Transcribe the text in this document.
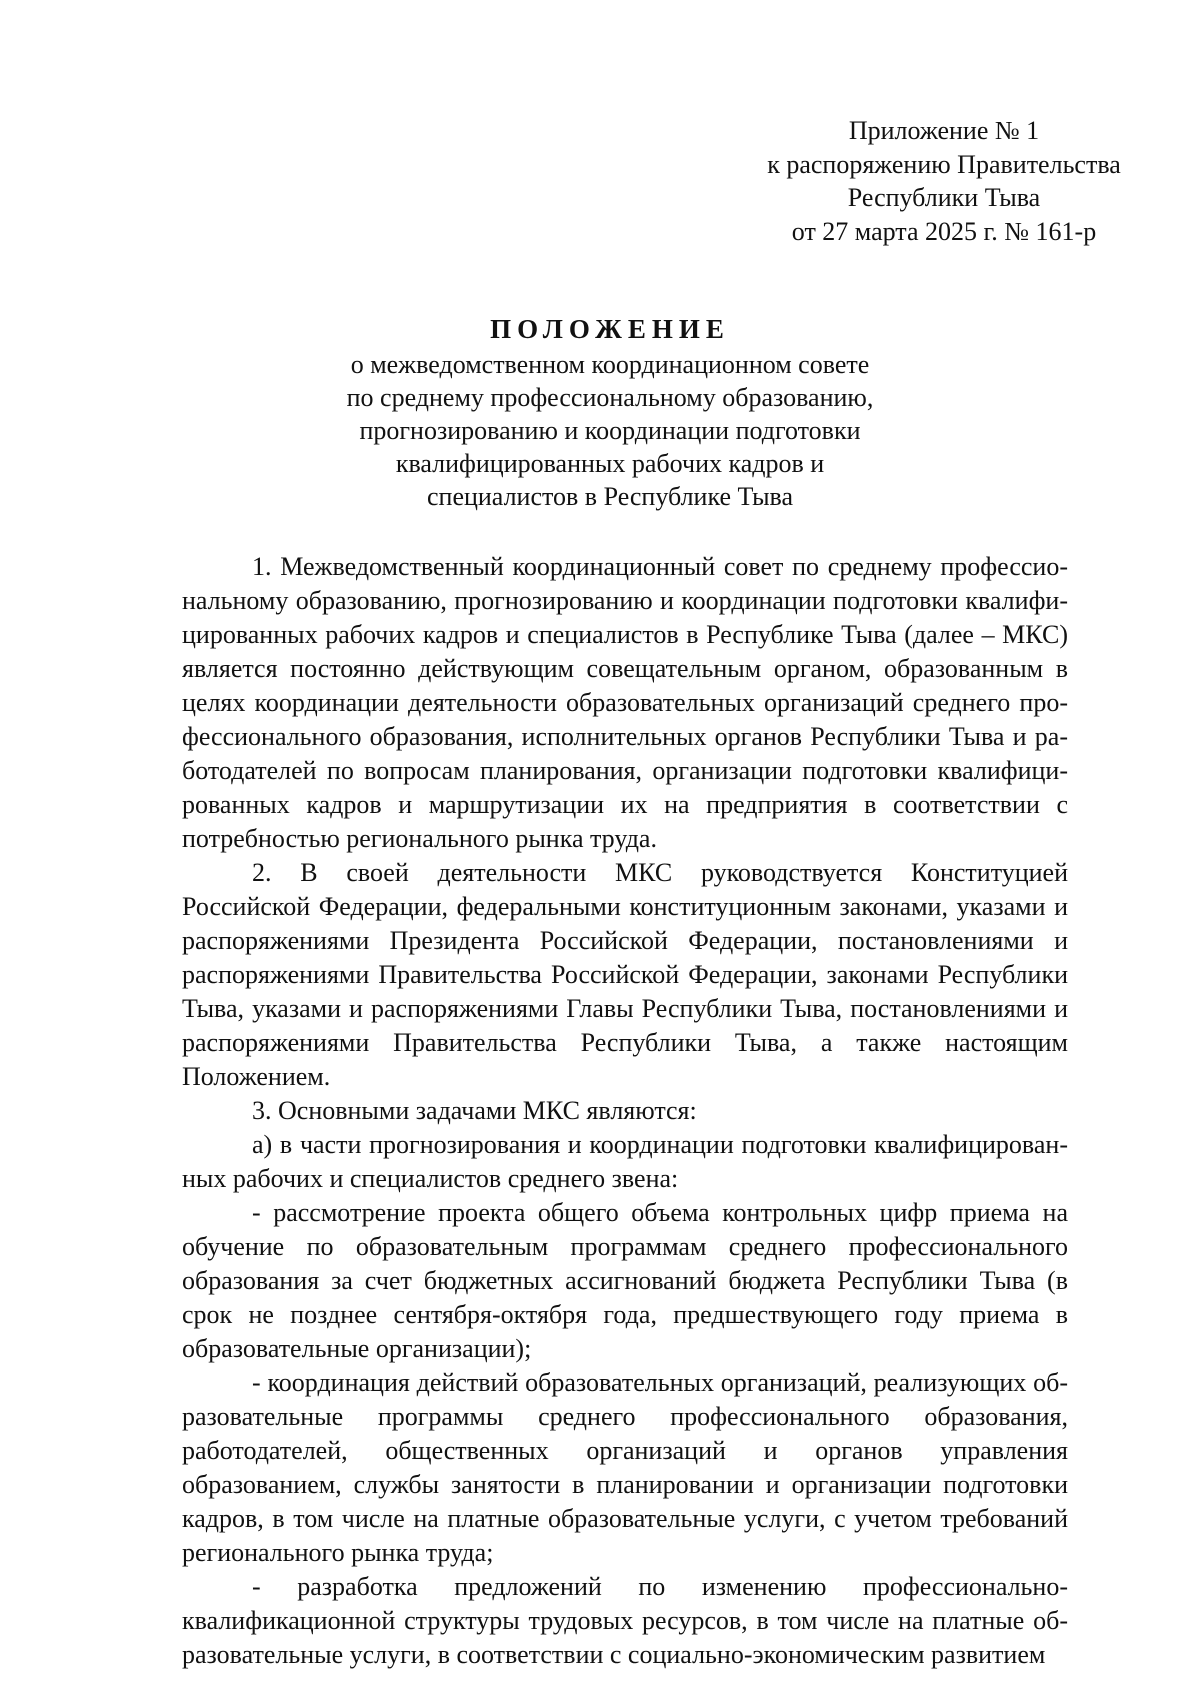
Приложение № 1
к распоряжению Правительства
Республики Тыва
от 27 марта 2025 г. № 161-р
ПОЛОЖЕНИЕ
о межведомственном координационном совете
по среднему профессиональному образованию,
прогнозированию и координации подготовки
квалифицированных рабочих кадров и
специалистов в Республике Тыва

1. Межведомственный координационный совет по среднему профессиональному образованию, прогнозированию и координации подготовки квалифицированных рабочих кадров и специалистов в Республике Тыва (далее – МКС) является постоянно действующим совещательным органом, образованным в целях координации деятельности образовательных организаций среднего профессионального образования, исполнительных органов Республики Тыва и работодателей по вопросам планирования, организации подготовки квалифицированных кадров и маршрутизации их на предприятия в соответствии с потребностью регионального рынка труда.

2. В своей деятельности МКС руководствуется Конституцией Российской Федерации, федеральными конституционным законами, указами и распоряжениями Президента Российской Федерации, постановлениями и распоряжениями Правительства Российской Федерации, законами Республики Тыва, указами и распоряжениями Главы Республики Тыва, постановлениями и распоряжениями Правительства Республики Тыва, а также настоящим Положением.

3. Основными задачами МКС являются:

а) в части прогнозирования и координации подготовки квалифицированных рабочих и специалистов среднего звена:

- рассмотрение проекта общего объема контрольных цифр приема на обучение по образовательным программам среднего профессионального образования за счет бюджетных ассигнований бюджета Республики Тыва (в срок не позднее сентября-октября года, предшествующего году приема в образовательные организации);

- координация действий образовательных организаций, реализующих образовательные программы среднего профессионального образования, работодателей, общественных организаций и органов управления образованием, службы занятости в планировании и организации подготовки кадров, в том числе на платные образовательные услуги, с учетом требований регионального рынка труда;

- разработка предложений по изменению профессионально-квалификационной структуры трудовых ресурсов, в том числе на платные образовательные услуги, в соответствии с социально-экономическим развитием
